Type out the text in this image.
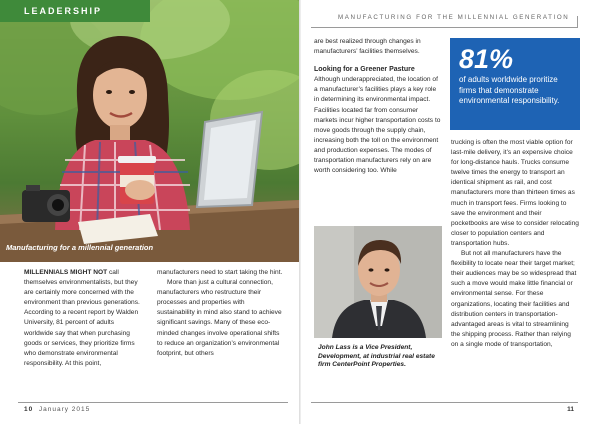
LEADERSHIP
Manufacturing for a millennial generation

MILLENNIALS MIGHT NOT call themselves environmentalists, but they are certainly more concerned with the environment than previous generations. According to a recent report by Walden University, 81 percent of adults worldwide say that when purchasing goods or services, they prioritize firms who demonstrate environmental responsibility. At this point,

manufacturers need to start taking the hint.

More than just a cultural connection, manufacturers who restructure their processes and properties with sustainability in mind also stand to achieve significant savings. Many of these eco-minded changes involve operational shifts to reduce an organization’s environmental footprint, but others

10 January 2015
MANUFACTURING FOR THE MILLENNIAL GENERATION

are best realized through changes in manufacturers’ facilities themselves.

Looking for a Greener Pasture

Although underappreciated, the location of a manufacturer’s facilities plays a key role in determining its environmental impact. Facilities located far from consumer markets incur higher transportation costs to move goods through the supply chain, increasing both the toll on the environment and production expenses. The modes of transportation manufacturers rely on are worth considering too. While

81%
of adults worldwide proritize firms that demonstrate environmental responsibility.
John Lass is a Vice President, Development, at industrial real estate firm CenterPoint Properties.

trucking is often the most viable option for last-mile delivery, it’s an expensive choice for long-distance hauls. Trucks consume twelve times the energy to transport an identical shipment as rail, and cost manufacturers more than thirteen times as much in transport fees. Firms looking to save the environment and their pocketbooks are wise to consider relocating closer to population centers and transportation hubs.

But not all manufacturers have the flexibility to locate near their target market; their audiences may be so widespread that such a move would make little financial or environmental sense. For these organizations, locating their facilities and distribution centers in transportation-advantaged areas is vital to streamlining the shipping process. Rather than relying on a single mode of transportation,

11
